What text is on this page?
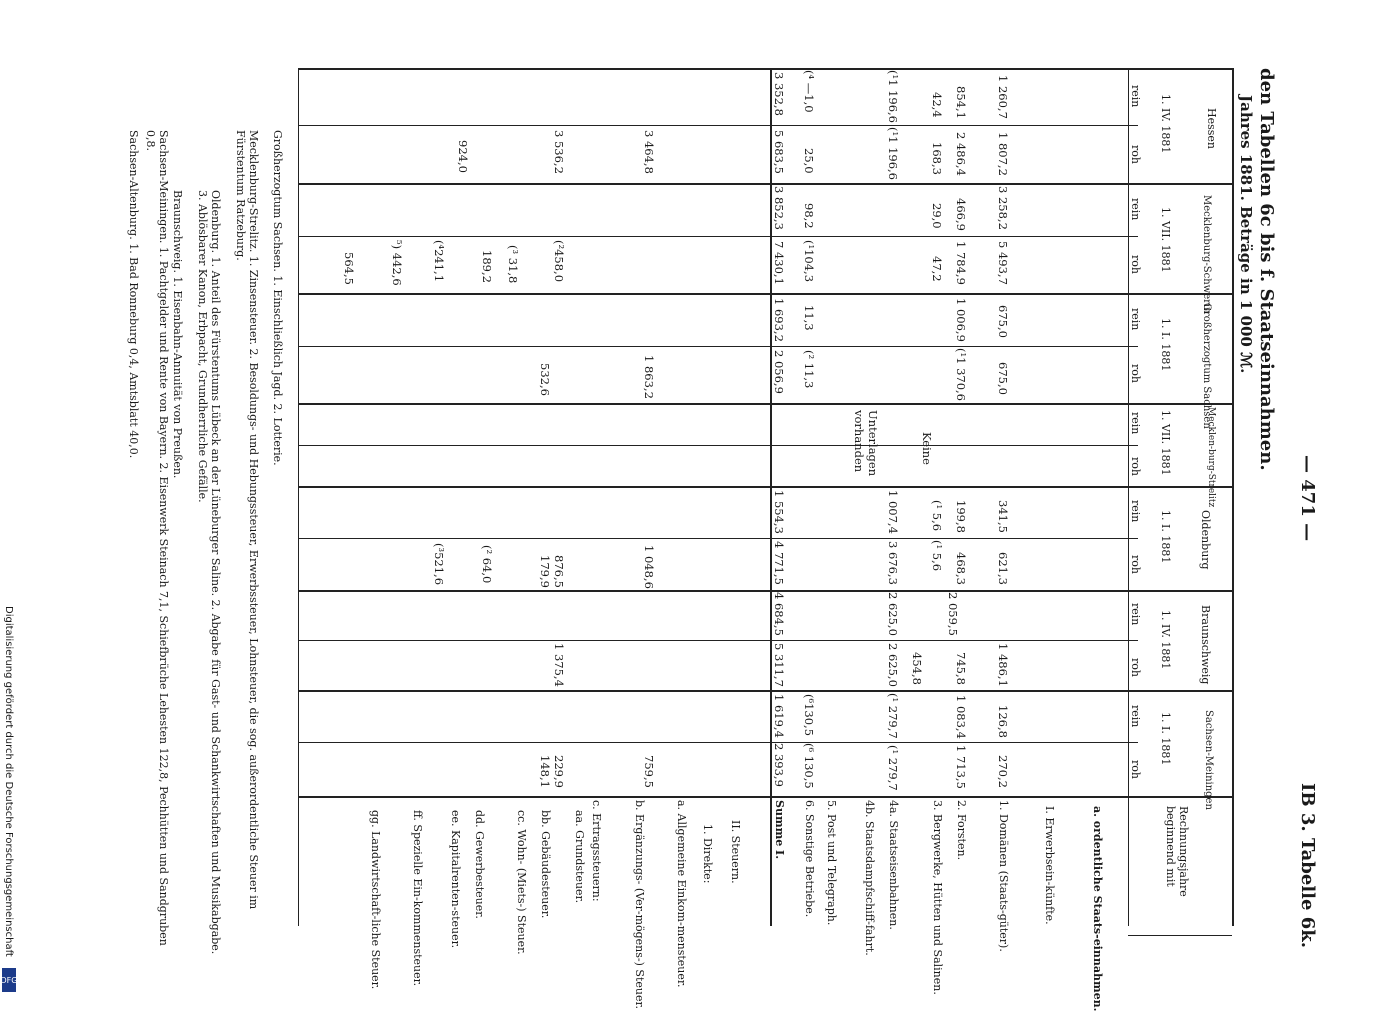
Digitalisierung gefördert durch die Deutsche Forschungsgemeinschaft
DFG
— 471 —
IB 3. Tabelle 6k.
den Tabellen 6c bis f. Staatseinnahmen.
Jahres 1881. Beträge in 1 000 ℳ.
Hessen
1. IV. 1881
Mecklenburg-Schwerin
1. VII. 1881
Großherzogtum Sachsen
1. I. 1881
Mecklen-burg-Strelitz
1. VII. 1881
Oldenburg
1. I. 1881
Braunschweig
1. IV. 1881
Sachsen-Meiningen
1. I. 1881
Rechnungsjahre beginnend mit
rein
roh
rein
roh
rein
roh
rein
roh
rein
roh
rein
roh
rein
roh
a. ordentliche Staats-einnahmen.
I. Erwerbsein-künfte.
1. Domänen (Staats-güter).
2. Forsten.
3. Bergwerke, Hütten und Salinen.
4a. Staatseisenbahnen.
4b. Staatsdampfschiff-fahrt.
5. Post und Telegraph.
6. Sonstige Betriebe.
Summe I.
II. Steuern.
1. Direkte:
a. Allgemeine Einkom-mensteuer.
b. Ergänzungs- (Ver-mögens-) Steuer.
c. Ertragssteuern:
aa. Grundsteuer.
bb. Gebäudesteuer.
cc. Wohn- (Miets-) Steuer.
dd. Gewerbesteuer.
ee. Kapitalrenten-steuer.
ff. Spezielle Ein-kommensteuer.
gg. Landwirtschaft-liche Steuer.
1 260,7
854,1
42,4
(¹1 196,6
(⁴ —1,0
3 352,8
1 807,2
2 486,4
168,3
(¹1 196,6
25,0
5 683,5
3 464,8
3 536,2
924,0
3 258,2
466,9
29,0
98,2
3 852,3
5 493,7
1 784,9
47,2
(¹104,3
7 430,1
(²458,0
(³ 31,8
189,2
(⁴241,1
⁵) 442,6
564,5
675,0
1 006,9
11,3
1 693,2
675,0
(¹1 370,6
(² 11,3
2 056,9
1 863,2
532,6
Keine
Unterlagen vorhanden
341,5
199,8
(¹ 5,6
1 007,4
1 554,3
621,3
468,3
(¹ 5,6
3 676,3
4 771,5
1 048,6
876,5
179,9
(² 64,0
(³521,6
2 059,5
2 625,0
4 684,5
1 486,1
745,8
454,8
2 625,0
5 311,7
1 375,4
126,8
1 083,4
(¹ 279,7
(⁶130,5
1 619,4
270,2
1 713,5
(¹ 279,7
(⁶ 130,5
2 393,9
759,5
229,9
148,1
Großherzogtum Sachsen. 1. Einschließlich Jagd. 2. Lotterie.
Mecklenburg-Strelitz. 1. Zinsensteuer. 2. Besoldungs- und Hebungssteuer, Erwerbssteuer, Lohnsteuer, die sog. außerordentliche Steuer im Fürstentum Ratzeburg.
Oldenburg. 1. Anteil des Fürstentums Lübeck an der Lüneburger Saline. 2. Abgabe für Gast- und Schankwirtschaften und Musikabgabe. 3. Ablösbarer Kanon, Erbpacht, Grundherrliche Gefälle.
Braunschweig. 1. Eisenbahn-Annuität von Preußen.
Sachsen-Meiningen. 1. Pachtgelder und Rente von Bayern. 2. Eisenwerk Steinach 7,1, Schiefbrüche Lehesten 122,8, Pechhütten und Sandgruben 0,8.
Sachsen-Altenburg. 1. Bad Ronneburg 0,4, Amtsblatt 40,0.
